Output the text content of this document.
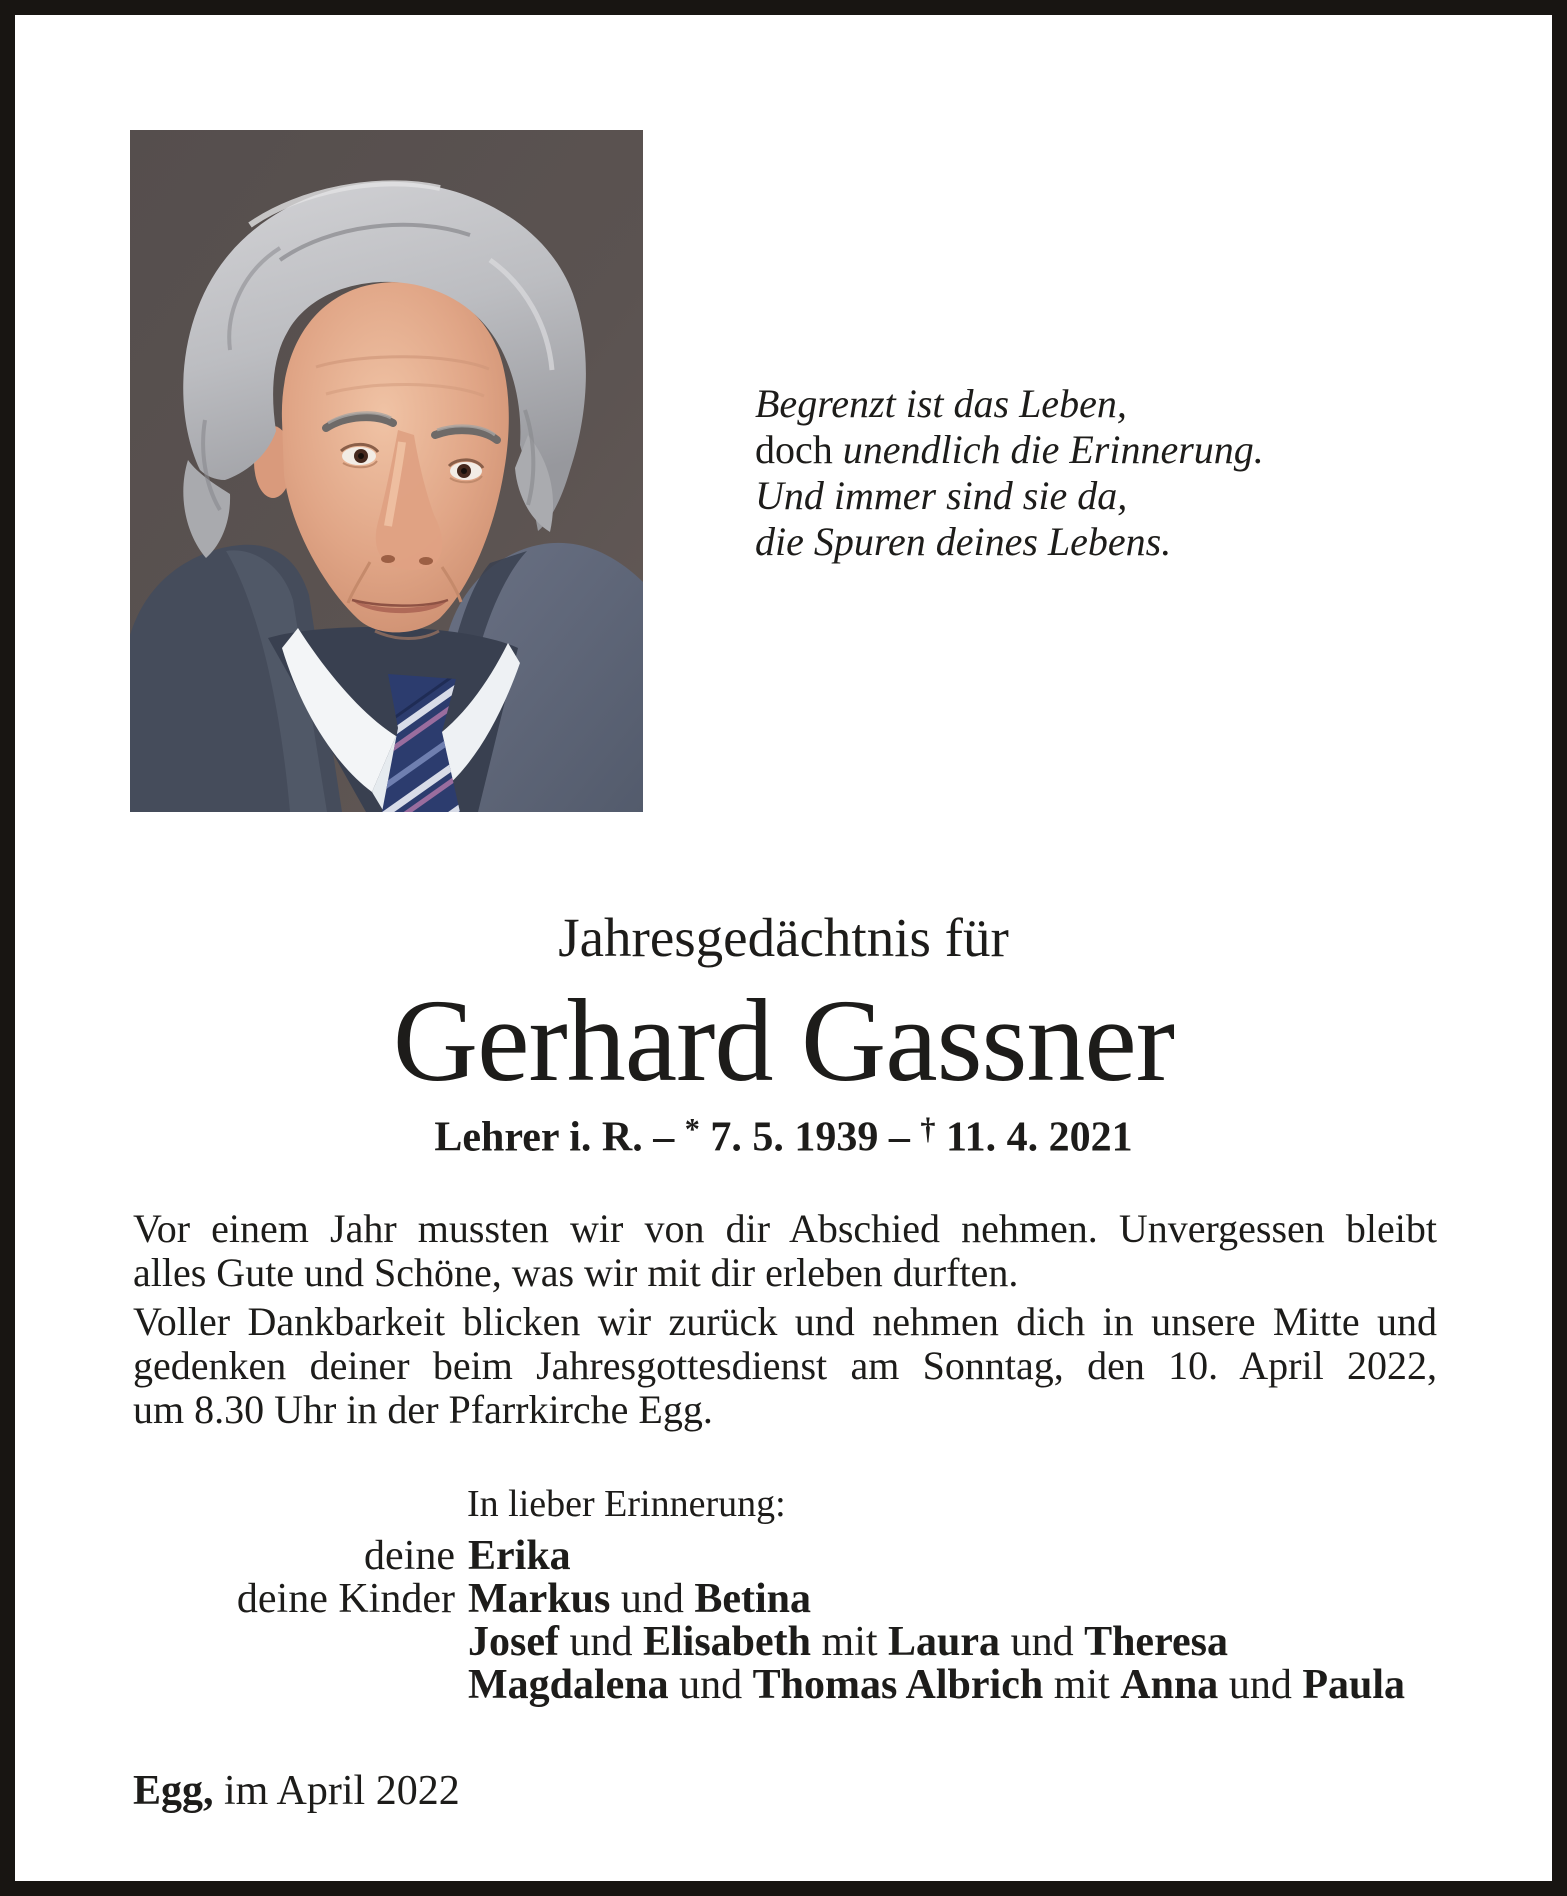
Begrenzt ist das Leben,
doch unendlich die Erinnerung.
Und immer sind sie da,
die Spuren deines Lebens.
Jahresgedächtnis für
Gerhard Gassner
Lehrer i. R. – * 7. 5. 1939 – † 11. 4. 2021

Vor einem Jahr mussten wir von dir Abschied nehmen. Unvergessen bleibt
alles Gute und Schöne, was wir mit dir erleben durften.

Voller Dankbarkeit blicken wir zurück und nehmen dich in unsere Mitte und
gedenken deiner beim Jahresgottesdienst am Sonntag, den 10. April 2022,
um 8.30 Uhr in der Pfarrkirche Egg.

In lieber Erinnerung:
deine Erika
deine Kinder Markus und Betina
Josef und Elisabeth mit Laura und Theresa
Magdalena und Thomas Albrich mit Anna und Paula
Egg, im April 2022
